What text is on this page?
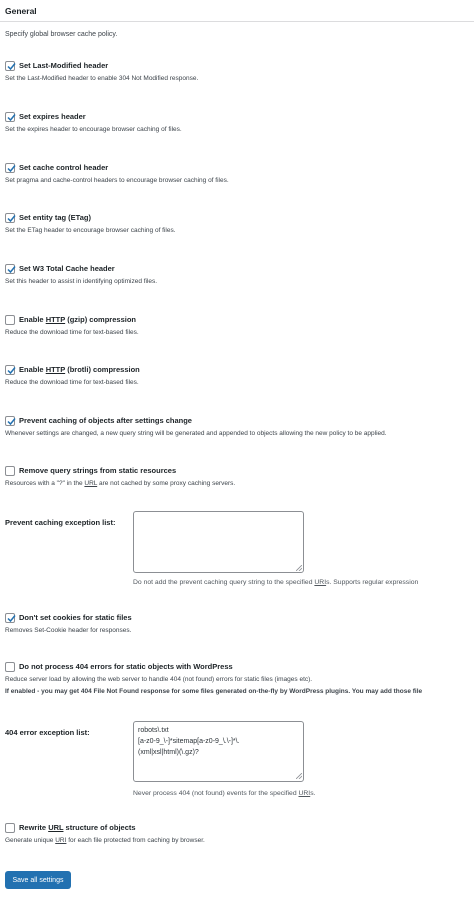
General
Specify global browser cache policy.
Set Last-Modified header
Set the Last-Modified header to enable 304 Not Modified response.
Set expires header
Set the expires header to encourage browser caching of files.
Set cache control header
Set pragma and cache-control headers to encourage browser caching of files.
Set entity tag (ETag)
Set the ETag header to encourage browser caching of files.
Set W3 Total Cache header
Set this header to assist in identifying optimized files.
Enable HTTP (gzip) compression
Reduce the download time for text-based files.
Enable HTTP (brotli) compression
Reduce the download time for text-based files.
Prevent caching of objects after settings change
Whenever settings are changed, a new query string will be generated and appended to objects allowing the new policy to be applied.
Remove query strings from static resources
Resources with a "?" in the URL are not cached by some proxy caching servers.
Prevent caching exception list:
Do not add the prevent caching query string to the specified URIs. Supports regular expression
Don't set cookies for static files
Removes Set-Cookie header for responses.
Do not process 404 errors for static objects with WordPress
Reduce server load by allowing the web server to handle 404 (not found) errors for static files (images etc).
If enabled - you may get 404 File Not Found response for some files generated on-the-fly by WordPress plugins. You may add those file
404 error exception list:	robots\.txt
[a-z0-9_\-]*sitemap[a-z0-9_\.\-]*\.
(xml|xsl|html)(\.gz)?
Never process 404 (not found) events for the specified URIs.
Rewrite URL structure of objects
Generate unique URI for each file protected from caching by browser.
Save all settings
